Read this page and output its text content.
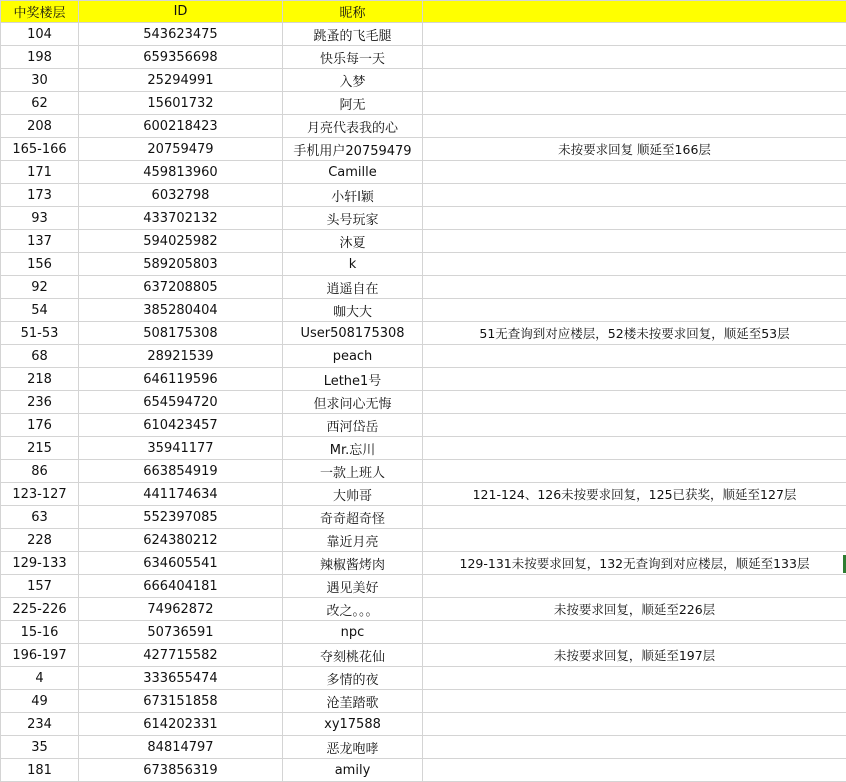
中奖楼层	ID	昵称	
104	543623475	跳蚤的飞毛腿	
198	659356698	快乐每一天	
30	25294991	入梦	
62	15601732	阿无	
208	600218423	月亮代表我的心	
165-166	20759479	手机用户20759479	未按要求回复 顺延至166层
171	459813960	Camille	
173	6032798	小轩l颖	
93	433702132	头号玩家	
137	594025982	沐夏	
156	589205803	k	
92	637208805	逍遥自在	
54	385280404	咖大大	
51-53	508175308	User508175308	51无查询到对应楼层，52楼未按要求回复，顺延至53层
68	28921539	peach	
218	646119596	Lethe1号	
236	654594720	但求问心无悔	
176	610423457	西河岱岳	
215	35941177	Mr.忘川	
86	663854919	一款上班人	
123-127	441174634	大帅哥	121-124、126未按要求回复，125已获奖，顺延至127层
63	552397085	奇奇超奇怪	
228	624380212	靠近月亮	
129-133	634605541	辣椒酱烤肉	129-131未按要求回复，132无查询到对应楼层，顺延至133层
157	666404181	遇见美好	
225-226	74962872	改之。。。	未按要求回复，顺延至226层
15-16	50736591	npc	
196-197	427715582	夺刻桃花仙	未按要求回复，顺延至197层
4	333655474	多情的夜	
49	673151858	沧茥踏歌	
234	614202331	xy17588	
35	84814797	恶龙咆哮	
181	673856319	amily	
